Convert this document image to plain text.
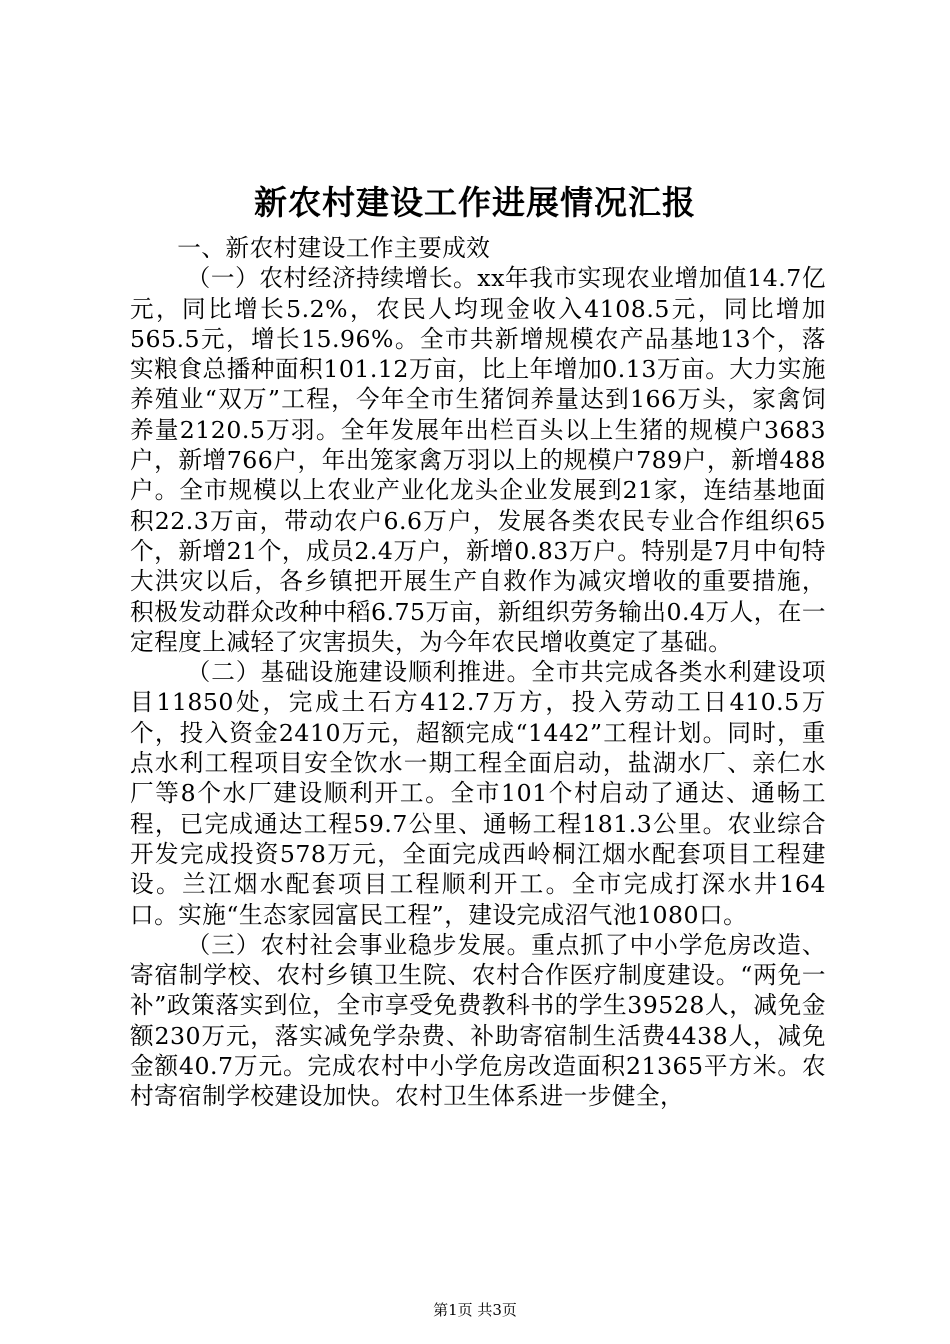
新农村建设工作进展情况汇报

一、新农村建设工作主要成效

（一）农村经济持续增长。xx年我市实现农业增加值14.7亿元，同比增长5.2%，农民人均现金收入4108.5元，同比增加565.5元，增长15.96%。全市共新增规模农产品基地13个，落实粮食总播种面积101.12万亩，比上年增加0.13万亩。大力实施养殖业“双万”工程，今年全市生猪饲养量达到166万头，家禽饲养量2120.5万羽。全年发展年出栏百头以上生猪的规模户3683户，新增766户，年出笼家禽万羽以上的规模户789户，新增488户。全市规模以上农业产业化龙头企业发展到21家，连结基地面积22.3万亩，带动农户6.6万户，发展各类农民专业合作组织65个，新增21个，成员2.4万户，新增0.83万户。特别是7月中旬特大洪灾以后，各乡镇把开展生产自救作为减灾增收的重要措施，积极发动群众改种中稻6.75万亩，新组织劳务输出0.4万人，在一定程度上减轻了灾害损失，为今年农民增收奠定了基础。

（二）基础设施建设顺利推进。全市共完成各类水利建设项目11850处，完成土石方412.7万方，投入劳动工日410.5万个，投入资金2410万元，超额完成“1442”工程计划。同时，重点水利工程项目安全饮水一期工程全面启动，盐湖水厂、亲仁水厂等8个水厂建设顺利开工。全市101个村启动了通达、通畅工程，已完成通达工程59.7公里、通畅工程181.3公里。农业综合开发完成投资578万元，全面完成西岭桐江烟水配套项目工程建设。兰江烟水配套项目工程顺利开工。全市完成打深水井164口。实施“生态家园富民工程”，建设完成沼气池1080口。

（三）农村社会事业稳步发展。重点抓了中小学危房改造、寄宿制学校、农村乡镇卫生院、农村合作医疗制度建设。“两免一补”政策落实到位，全市享受免费教科书的学生39528人，减免金额230万元，落实减免学杂费、补助寄宿制生活费4438人，减免金额40.7万元。完成农村中小学危房改造面积21365平方米。农村寄宿制学校建设加快。农村卫生体系进一步健全，

第1页 共3页
